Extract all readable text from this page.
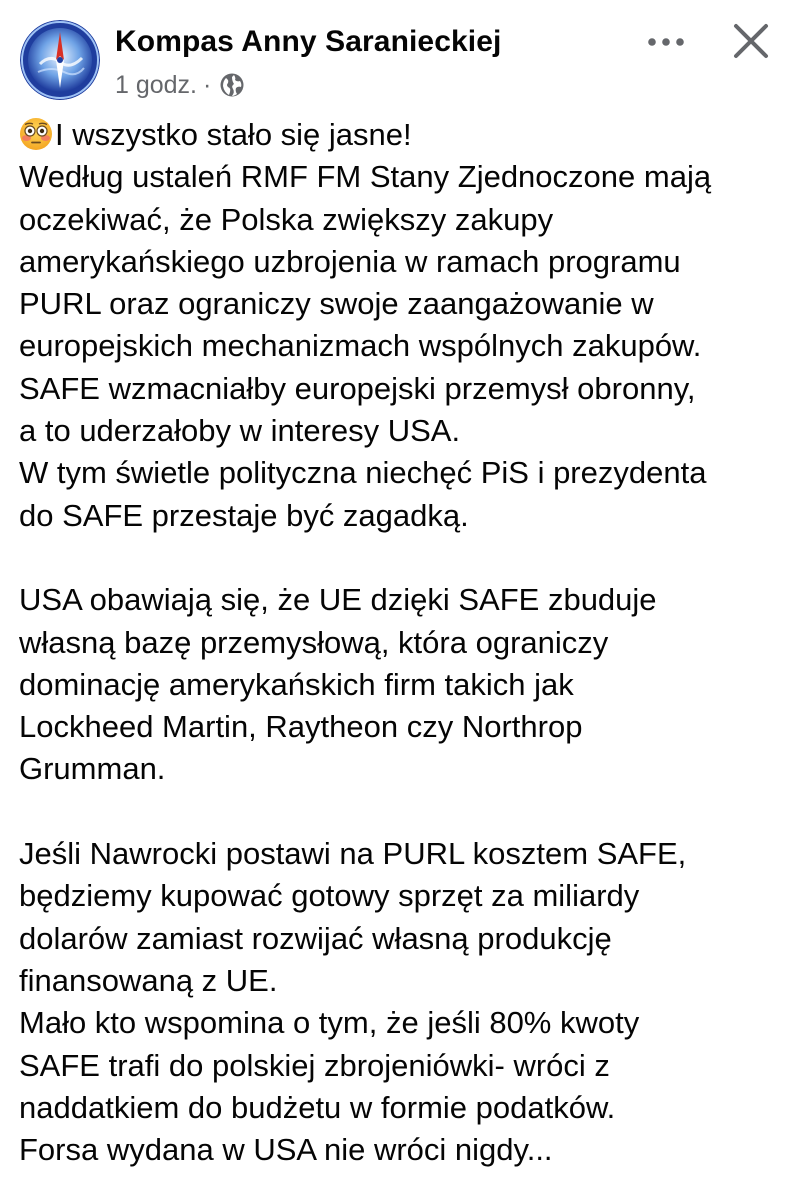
Kompas Anny Saranieckiej
1 godz. ·
I wszystko stało się jasne!
Według ustaleń RMF FM Stany Zjednoczone mają
oczekiwać, że Polska zwiększy zakupy
amerykańskiego uzbrojenia w ramach programu
PURL oraz ograniczy swoje zaangażowanie w
europejskich mechanizmach wspólnych zakupów.
SAFE wzmacniałby europejski przemysł obronny,
a to uderzałoby w interesy USA.
W tym świetle polityczna niechęć PiS i prezydenta
do SAFE przestaje być zagadką.
USA obawiają się, że UE dzięki SAFE zbuduje
własną bazę przemysłową, która ograniczy
dominację amerykańskich firm takich jak
Lockheed Martin, Raytheon czy Northrop
Grumman.
Jeśli Nawrocki postawi na PURL kosztem SAFE,
będziemy kupować gotowy sprzęt za miliardy
dolarów zamiast rozwijać własną produkcję
finansowaną z UE.
Mało kto wspomina o tym, że jeśli 80% kwoty
SAFE trafi do polskiej zbrojeniówki- wróci z
naddatkiem do budżetu w formie podatków.
Forsa wydana w USA nie wróci nigdy...
